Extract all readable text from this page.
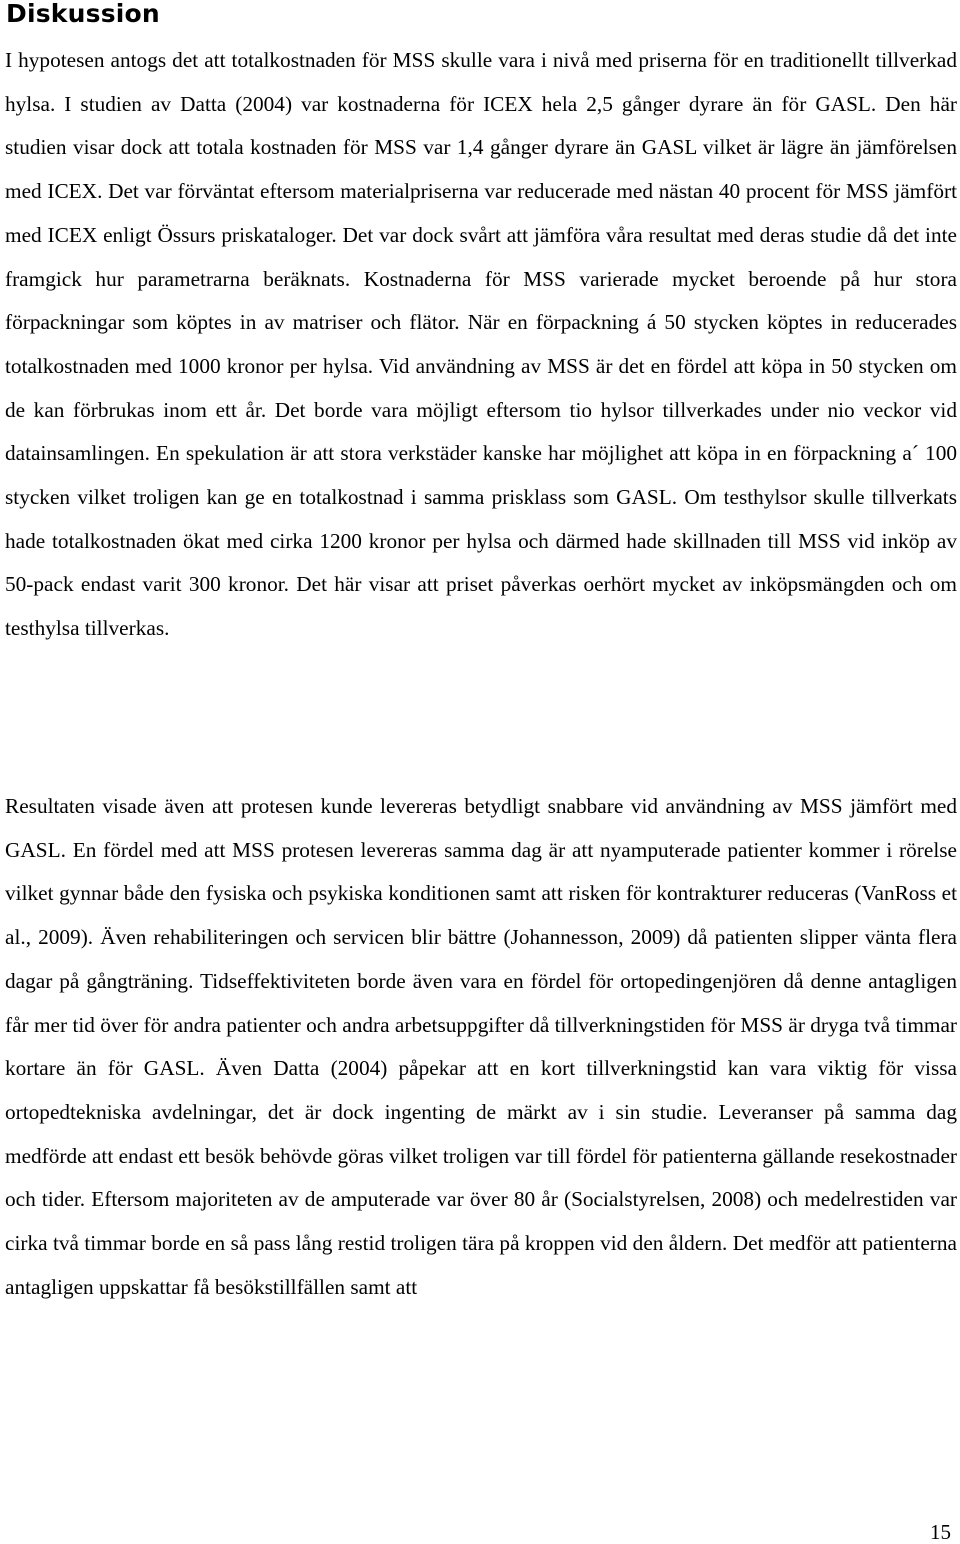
Diskussion

I hypotesen antogs det att totalkostnaden för MSS skulle vara i nivå med priserna för en traditionellt tillverkad hylsa. I studien av Datta (2004) var kostnaderna för ICEX hela 2,5 gånger dyrare än för GASL. Den här studien visar dock att totala kostnaden för MSS var 1,4 gånger dyrare än GASL vilket är lägre än jämförelsen med ICEX. Det var förväntat eftersom materialpriserna var reducerade med nästan 40 procent för MSS jämfört med ICEX enligt Össurs priskataloger. Det var dock svårt att jämföra våra resultat med deras studie då det inte framgick hur parametrarna beräknats. Kostnaderna för MSS varierade mycket beroende på hur stora förpackningar som köptes in av matriser och flätor. När en förpackning á 50 stycken köptes in reducerades totalkostnaden med 1000 kronor per hylsa. Vid användning av MSS är det en fördel att köpa in 50 stycken om de kan förbrukas inom ett år. Det borde vara möjligt eftersom tio hylsor tillverkades under nio veckor vid datainsamlingen. En spekulation är att stora verkstäder kanske har möjlighet att köpa in en förpackning a´ 100 stycken vilket troligen kan ge en totalkostnad i samma prisklass som GASL. Om testhylsor skulle tillverkats hade totalkostnaden ökat med cirka 1200 kronor per hylsa och därmed hade skillnaden till MSS vid inköp av 50-pack endast varit 300 kronor. Det här visar att priset påverkas oerhört mycket av inköpsmängden och om testhylsa tillverkas.

Resultaten visade även att protesen kunde levereras betydligt snabbare vid användning av MSS jämfört med GASL. En fördel med att MSS protesen levereras samma dag är att nyamputerade patienter kommer i rörelse vilket gynnar både den fysiska och psykiska konditionen samt att risken för kontrakturer reduceras (VanRoss et al., 2009). Även rehabiliteringen och servicen blir bättre (Johannesson, 2009) då patienten slipper vänta flera dagar på gångträning. Tidseffektiviteten borde även vara en fördel för ortopedingenjören då denne antagligen får mer tid över för andra patienter och andra arbetsuppgifter då tillverkningstiden för MSS är dryga två timmar kortare än för GASL. Även Datta (2004) påpekar att en kort tillverkningstid kan vara viktig för vissa ortopedtekniska avdelningar, det är dock ingenting de märkt av i sin studie. Leveranser på samma dag medförde att endast ett besök behövde göras vilket troligen var till fördel för patienterna gällande resekostnader och tider. Eftersom majoriteten av de amputerade var över 80 år (Socialstyrelsen, 2008) och medelrestiden var cirka två timmar borde en så pass lång restid troligen tära på kroppen vid den åldern. Det medför att patienterna antagligen uppskattar få besökstillfällen samt att

15
